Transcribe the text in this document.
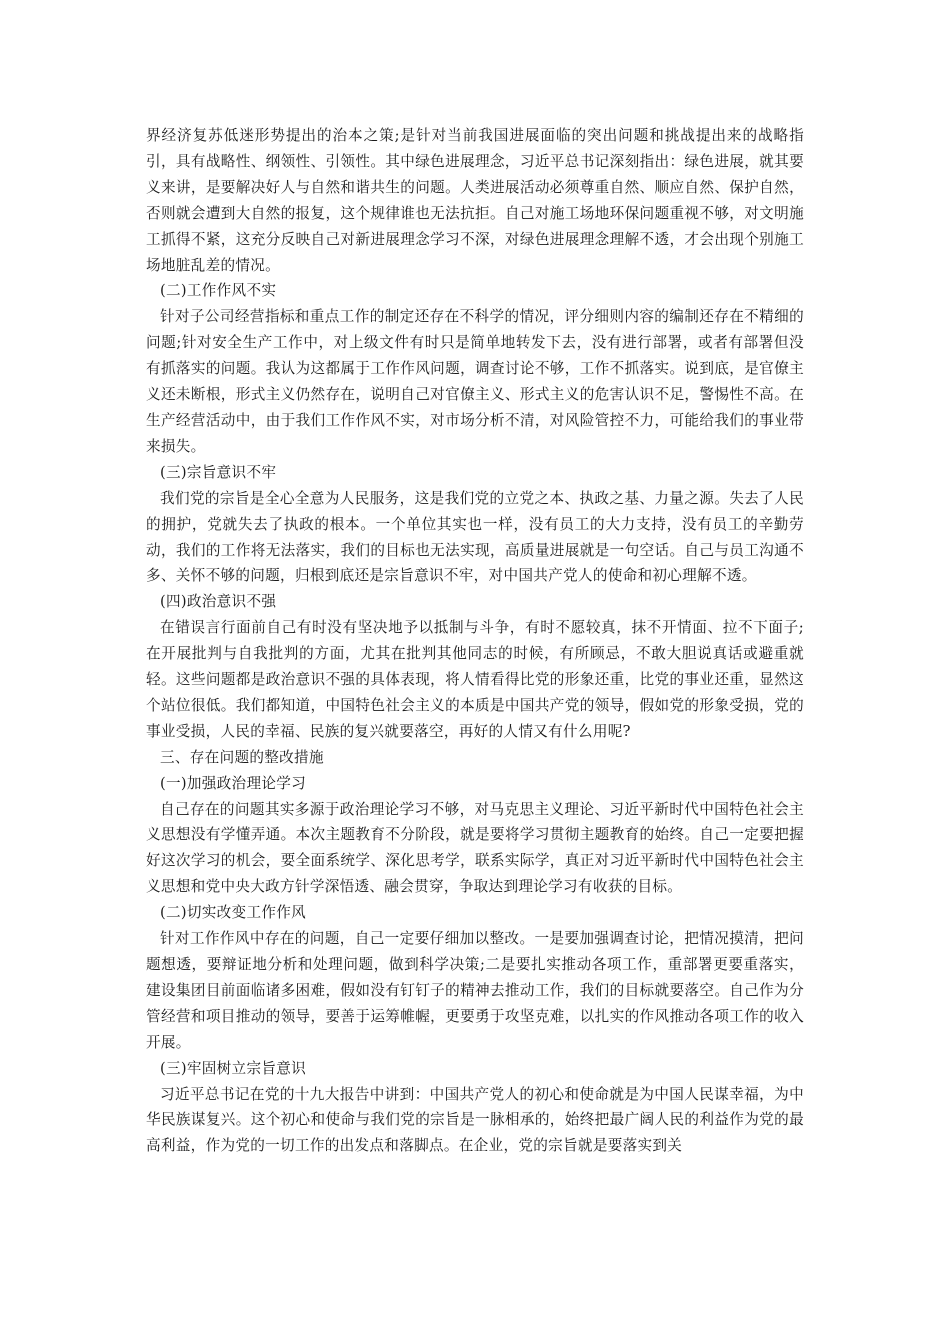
界经济复苏低迷形势提出的治本之策;是针对当前我国进展面临的突出问题和挑战提出来的战略指引，具有战略性、纲领性、引领性。其中绿色进展理念，习近平总书记深刻指出：绿色进展，就其要义来讲，是要解决好人与自然和谐共生的问题。人类进展活动必须尊重自然、顺应自然、保护自然，否则就会遭到大自然的报复，这个规律谁也无法抗拒。自己对施工场地环保问题重视不够，对文明施工抓得不紧，这充分反映自己对新进展理念学习不深，对绿色进展理念理解不透，才会出现个别施工场地脏乱差的情况。

(二)工作作风不实

针对子公司经营指标和重点工作的制定还存在不科学的情况，评分细则内容的编制还存在不精细的问题;针对安全生产工作中，对上级文件有时只是简单地转发下去，没有进行部署，或者有部署但没有抓落实的问题。我认为这都属于工作作风问题，调查讨论不够，工作不抓落实。说到底，是官僚主义还未断根，形式主义仍然存在，说明自己对官僚主义、形式主义的危害认识不足，警惕性不高。在生产经营活动中，由于我们工作作风不实，对市场分析不清，对风险管控不力，可能给我们的事业带来损失。

(三)宗旨意识不牢

我们党的宗旨是全心全意为人民服务，这是我们党的立党之本、执政之基、力量之源。失去了人民的拥护，党就失去了执政的根本。一个单位其实也一样，没有员工的大力支持，没有员工的辛勤劳动，我们的工作将无法落实，我们的目标也无法实现，高质量进展就是一句空话。自己与员工沟通不多、关怀不够的问题，归根到底还是宗旨意识不牢，对中国共产党人的使命和初心理解不透。

(四)政治意识不强

在错误言行面前自己有时没有坚决地予以抵制与斗争，有时不愿较真，抹不开情面、拉不下面子;在开展批判与自我批判的方面，尤其在批判其他同志的时候，有所顾忌，不敢大胆说真话或避重就轻。这些问题都是政治意识不强的具体表现，将人情看得比党的形象还重，比党的事业还重，显然这个站位很低。我们都知道，中国特色社会主义的本质是中国共产党的领导，假如党的形象受损，党的事业受损，人民的幸福、民族的复兴就要落空，再好的人情又有什么用呢?

三、存在问题的整改措施

(一)加强政治理论学习

自己存在的问题其实多源于政治理论学习不够，对马克思主义理论、习近平新时代中国特色社会主义思想没有学懂弄通。本次主题教育不分阶段，就是要将学习贯彻主题教育的始终。自己一定要把握好这次学习的机会，要全面系统学、深化思考学，联系实际学，真正对习近平新时代中国特色社会主义思想和党中央大政方针学深悟透、融会贯穿，争取达到理论学习有收获的目标。

(二)切实改变工作作风

针对工作作风中存在的问题，自己一定要仔细加以整改。一是要加强调查讨论，把情况摸清，把问题想透，要辩证地分析和处理问题，做到科学决策;二是要扎实推动各项工作，重部署更要重落实，建设集团目前面临诸多困难，假如没有钉钉子的精神去推动工作，我们的目标就要落空。自己作为分管经营和项目推动的领导，要善于运筹帷幄，更要勇于攻坚克难，以扎实的作风推动各项工作的收入开展。

(三)牢固树立宗旨意识

习近平总书记在党的十九大报告中讲到：中国共产党人的初心和使命就是为中国人民谋幸福，为中华民族谋复兴。这个初心和使命与我们党的宗旨是一脉相承的，始终把最广阔人民的利益作为党的最高利益，作为党的一切工作的出发点和落脚点。在企业，党的宗旨就是要落实到关
